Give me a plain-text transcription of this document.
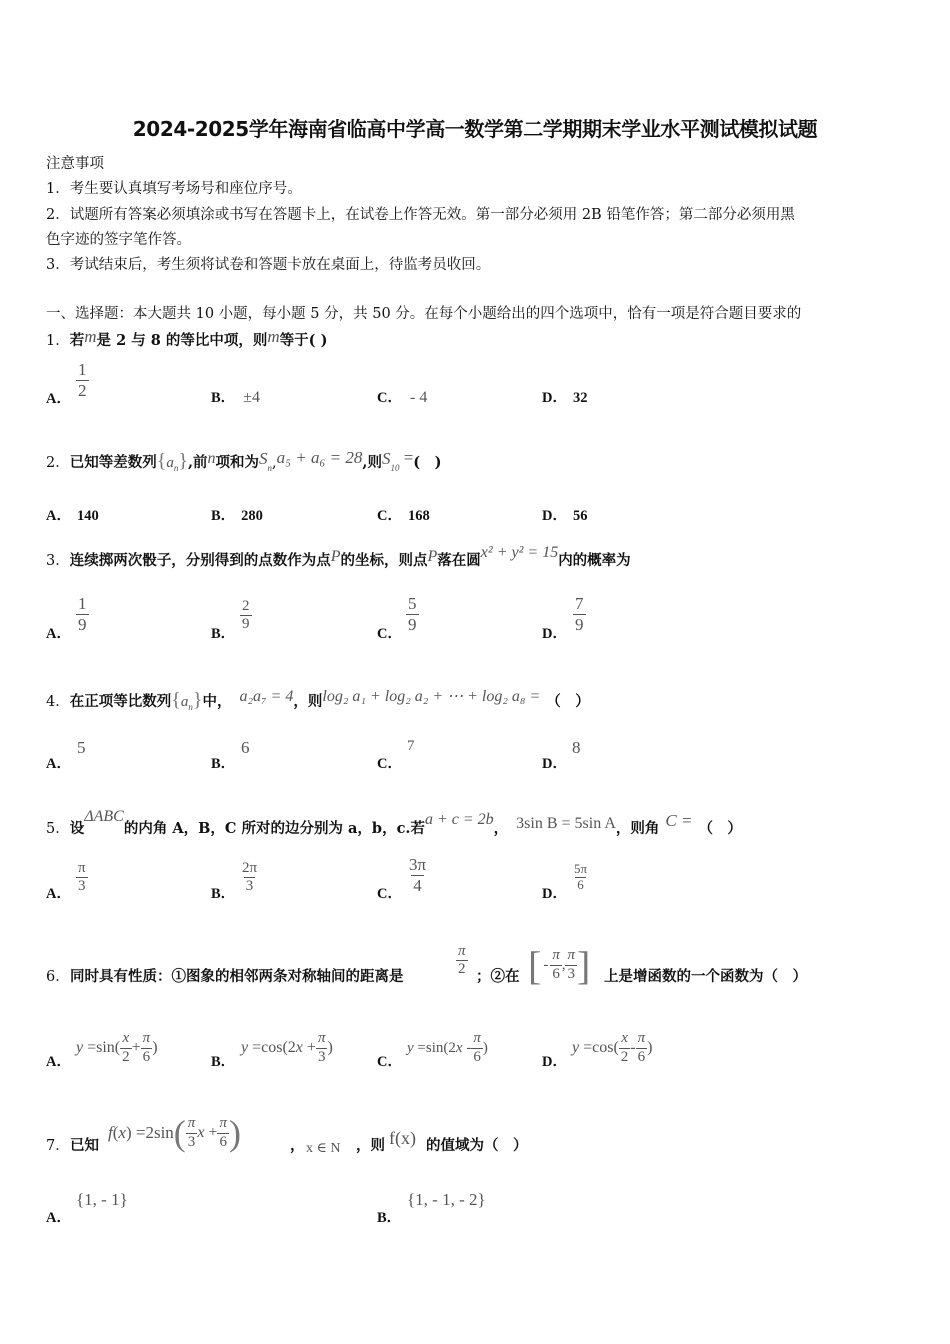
2024-2025学年海南省临高中学高一数学第二学期期末学业水平测试模拟试题
注意事项
1．考生要认真填写考场号和座位序号。
2．试题所有答案必须填涂或书写在答题卡上，在试卷上作答无效。第一部分必须用 2B 铅笔作答；第二部分必须用黑
色字迹的签字笔作答。
3．考试结束后，考生须将试卷和答题卡放在桌面上，待监考员收回。
一、选择题：本大题共 10 小题，每小题 5 分，共 50 分。在每个小题给出的四个选项中，恰有一项是符合题目要求的
1．若m是 2 与 8 的等比中项，则m等于( )
A． $\frac{1}{2}$	B． ±4	C． - 4	D． 32
2．已知等差数列$\{a_n\}$,前n项和为$S_n,a_5 + a_6 = 28$,则$S_{10}$ =(　)
A． 140	B． 280	C． 168	D． 56
3．连续掷两次骰子，分别得到的点数作为点P的坐标，则点P落在圆x² + y² = 15内的概率为
A． $\frac{1}{9}$	B．
$\frac{2}{9}$
C． $\frac{5}{9}$	D． $\frac{7}{9}$
4．在正项等比数列$\{a_n\}$中， a₂a₇ = 4，则log₂ a₁ + log₂ a₂ + ⋯ + log₂ a₈ = （　）
A．
5
B．
6
C．
7
D．
8
5．设ΔABC的内角 A，B，C 所对的边分别为 a，b，c.若a + c = 2b， 3sin B = 5sin A，则角 C = （　）
A． $\frac{\pi}{3}$	B． $\frac{2\pi}{3}$	C． $\frac{3\pi}{4}$	D．
$\frac{5\pi}{6}$
6． 同时具有性质：①图象的相邻两条对称轴间的距离是	$\frac{\pi}{2}$ ；②在 [ - $\frac{\pi}{6}$ , $\frac{\pi}{3}$ ] 上是增函数的一个函数为（　）
A．
$y =\sin( \frac{x}{2} + \frac{\pi}{6}$ )
B．
$y =\cos(2x + \frac{\pi}{3}$ )
C．
$y =\sin(2x - \frac{\pi}{6}$ )
D．
$y =\cos( \frac{x}{2} - \frac{\pi}{6}$ )
7． 已知
f (x) =2sin ( $\frac{\pi}{3}$ $x + \frac{\pi}{6}$ )	， x ∈ N ，则 f(x) 的值域为（　）
A．
{1, - 1}
B．
{1, - 1, - 2}
